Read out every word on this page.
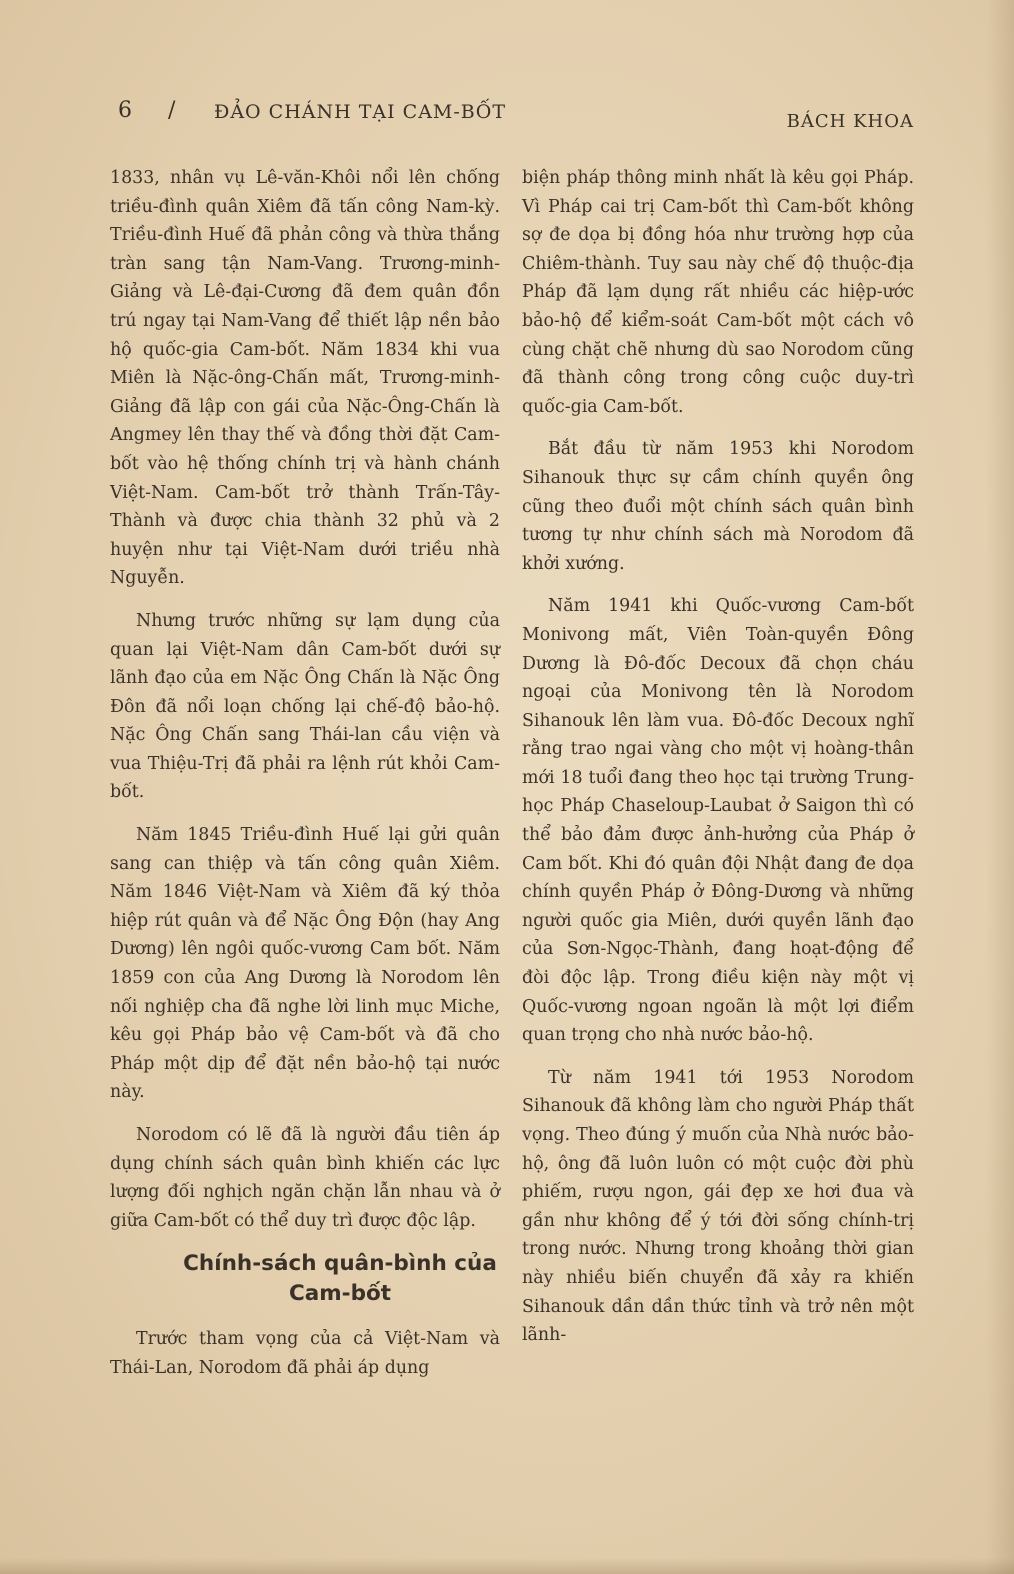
6 / ĐẢO CHÁNH TẠI CAM-BỐT	BÁCH KHOA

1833, nhân vụ Lê-văn-Khôi nổi lên chống triều-đình quân Xiêm đã tấn công Nam-kỳ. Triều-đình Huế đã phản công và thừa thắng tràn sang tận Nam-Vang. Trương-minh-Giảng và Lê-đại-Cương đã đem quân đồn trú ngay tại Nam-Vang để thiết lập nền bảo hộ quốc-gia Cam-bốt. Năm 1834 khi vua Miên là Nặc-ông-Chấn mất, Trương-minh-Giảng đã lập con gái của Nặc-Ông-Chấn là Angmey lên thay thế và đồng thời đặt Cam-bốt vào hệ thống chính trị và hành chánh Việt-Nam. Cam-bốt trở thành Trấn-Tây-Thành và được chia thành 32 phủ và 2 huyện như tại Việt-Nam dưới triều nhà Nguyễn.

Nhưng trước những sự lạm dụng của quan lại Việt-Nam dân Cam-bốt dưới sự lãnh đạo của em Nặc Ông Chấn là Nặc Ông Đôn đã nổi loạn chống lại chế-độ bảo-hộ. Nặc Ông Chấn sang Thái-lan cầu viện và vua Thiệu-Trị đã phải ra lệnh rút khỏi Cam-bốt.

Năm 1845 Triều-đình Huế lại gửi quân sang can thiệp và tấn công quân Xiêm. Năm 1846 Việt-Nam và Xiêm đã ký thỏa hiệp rút quân và để Nặc Ông Độn (hay Ang Dương) lên ngôi quốc-vương Cam bốt. Năm 1859 con của Ang Dương là Norodom lên nối nghiệp cha đã nghe lời linh mục Miche, kêu gọi Pháp bảo vệ Cam-bốt và đã cho Pháp một dịp để đặt nền bảo-hộ tại nước này.

Norodom có lẽ đã là người đầu tiên áp dụng chính sách quân bình khiến các lực lượng đối nghịch ngăn chặn lẫn nhau và ở giữa Cam-bốt có thể duy trì được độc lập.

Chính-sách quân-bình của Cam-bốt

Trước tham vọng của cả Việt-Nam và Thái-Lan, Norodom đã phải áp dụng

biện pháp thông minh nhất là kêu gọi Pháp. Vì Pháp cai trị Cam-bốt thì Cam-bốt không sợ đe dọa bị đồng hóa như trường hợp của Chiêm-thành. Tuy sau này chế độ thuộc-địa Pháp đã lạm dụng rất nhiều các hiệp-ước bảo-hộ để kiểm-soát Cam-bốt một cách vô cùng chặt chẽ nhưng dù sao Norodom cũng đã thành công trong công cuộc duy-trì quốc-gia Cam-bốt.

Bắt đầu từ năm 1953 khi Norodom Sihanouk thực sự cầm chính quyền ông cũng theo đuổi một chính sách quân bình tương tự như chính sách mà Norodom đã khởi xướng.

Năm 1941 khi Quốc-vương Cam-bốt Monivong mất, Viên Toàn-quyền Đông Dương là Đô-đốc Decoux đã chọn cháu ngoại của Monivong tên là Norodom Sihanouk lên làm vua. Đô-đốc Decoux nghĩ rằng trao ngai vàng cho một vị hoàng-thân mới 18 tuổi đang theo học tại trường Trung-học Pháp Chaseloup-Laubat ở Saigon thì có thể bảo đảm được ảnh-hưởng của Pháp ở Cam bốt. Khi đó quân đội Nhật đang đe dọa chính quyền Pháp ở Đông-Dương và những người quốc gia Miên, dưới quyền lãnh đạo của Sơn-Ngọc-Thành, đang hoạt-động để đòi độc lập. Trong điều kiện này một vị Quốc-vương ngoan ngoãn là một lợi điểm quan trọng cho nhà nước bảo-hộ.

Từ năm 1941 tới 1953 Norodom Sihanouk đã không làm cho người Pháp thất vọng. Theo đúng ý muốn của Nhà nước bảo-hộ, ông đã luôn luôn có một cuộc đời phù phiếm, rượu ngon, gái đẹp xe hơi đua và gần như không để ý tới đời sống chính-trị trong nước. Nhưng trong khoảng thời gian này nhiều biến chuyển đã xảy ra khiến Sihanouk dần dần thức tỉnh và trở nên một lãnh-
